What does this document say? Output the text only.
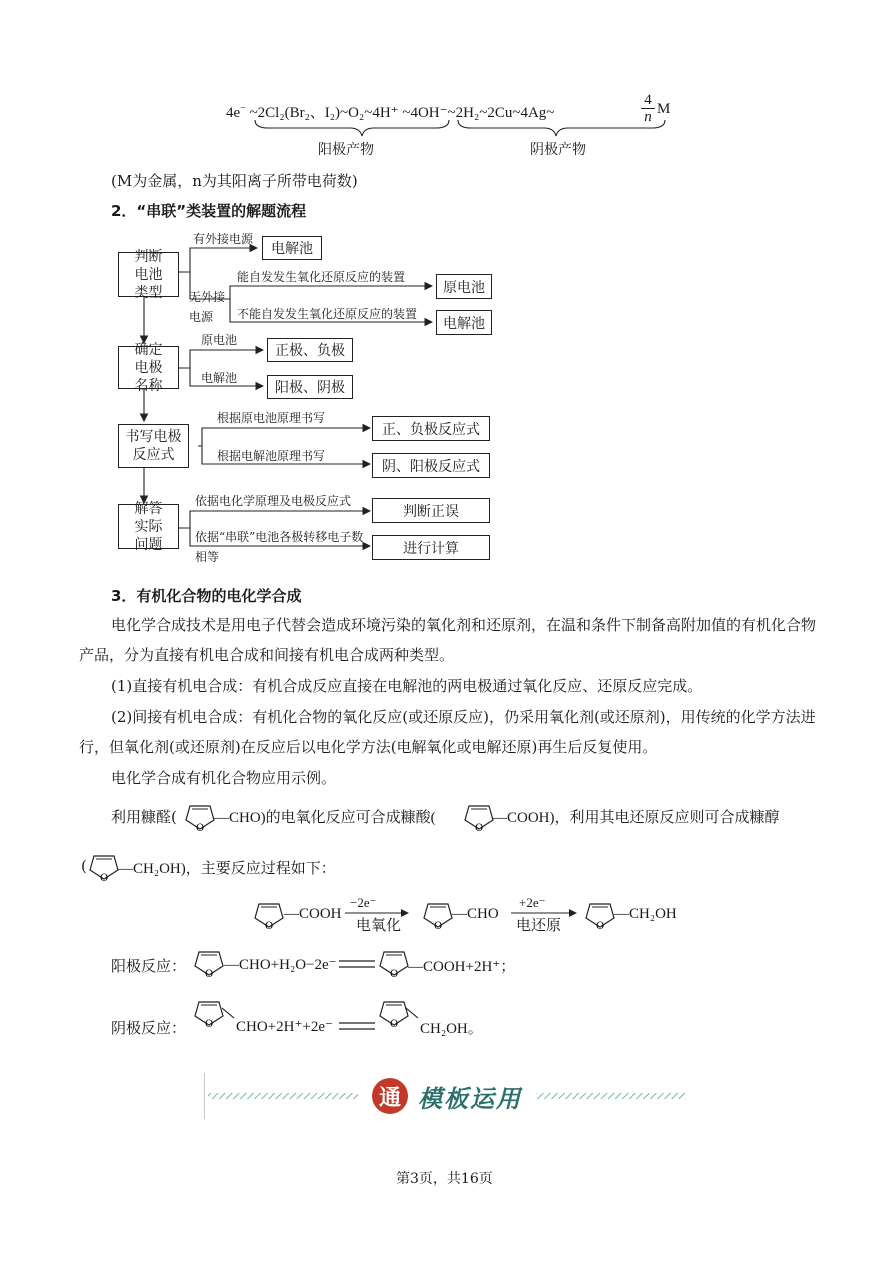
4e− ~2Cl₂(Br₂、I₂)~O₂~4H⁺ ~4OH⁻~2H₂~2Cu~4Ag~	$\frac{4}{n}$ M
阳极产物	阴极产物
(M为金属，n为其阳离子所带电荷数)
2．“串联”类装置的解题流程
判断电池类型
确定电极名称
书写电极反应式
解答实际问题
有外接电源
电解池
无外接电源
能自发发生氧化还原反应的装置
原电池
不能自发发生氧化还原反应的装置
电解池
原电池
正极、负极
电解池
阳极、阴极
根据原电池原理书写
正、负极反应式
根据电解池原理书写
阴、阳极反应式
依据电化学原理及电极反应式
判断正误
依据“串联”电池各极转移电子数相等
进行计算
3．有机化合物的电化学合成
电化学合成技术是用电子代替会造成环境污染的氧化剂和还原剂，在温和条件下制备高附加值的有机化合物产品，分为直接有机电合成和间接有机电合成两种类型。
(1)直接有机电合成：有机合成反应直接在电解池的两电极通过氧化反应、还原反应完成。
(2)间接有机电合成：有机化合物的氧化反应(或还原反应)，仍采用氧化剂(或还原剂)，用传统的化学方法进行，但氧化剂(或还原剂)在反应后以电化学方法(电解氧化或电解还原)再生后反复使用。
电化学合成有机化合物应用示例。
利用糠醛(
O
—CHO)的电氧化反应可合成糠酸(
O
—COOH)，利用其电还原反应则可合成糠醇
(
O
—CH₂OH)，主要反应过程如下：
O
—COOH
−2e⁻
电氧化	O
—CHO
+2e⁻
电还原	O
—CH₂OH
阳极反应： O
—CHO+H₂O−2e⁻
O —COOH+2H⁺；
阴极反应： O CHO+2H⁺+2e⁻	O CH₂OH。
通 模板运用
第3页，共16页
